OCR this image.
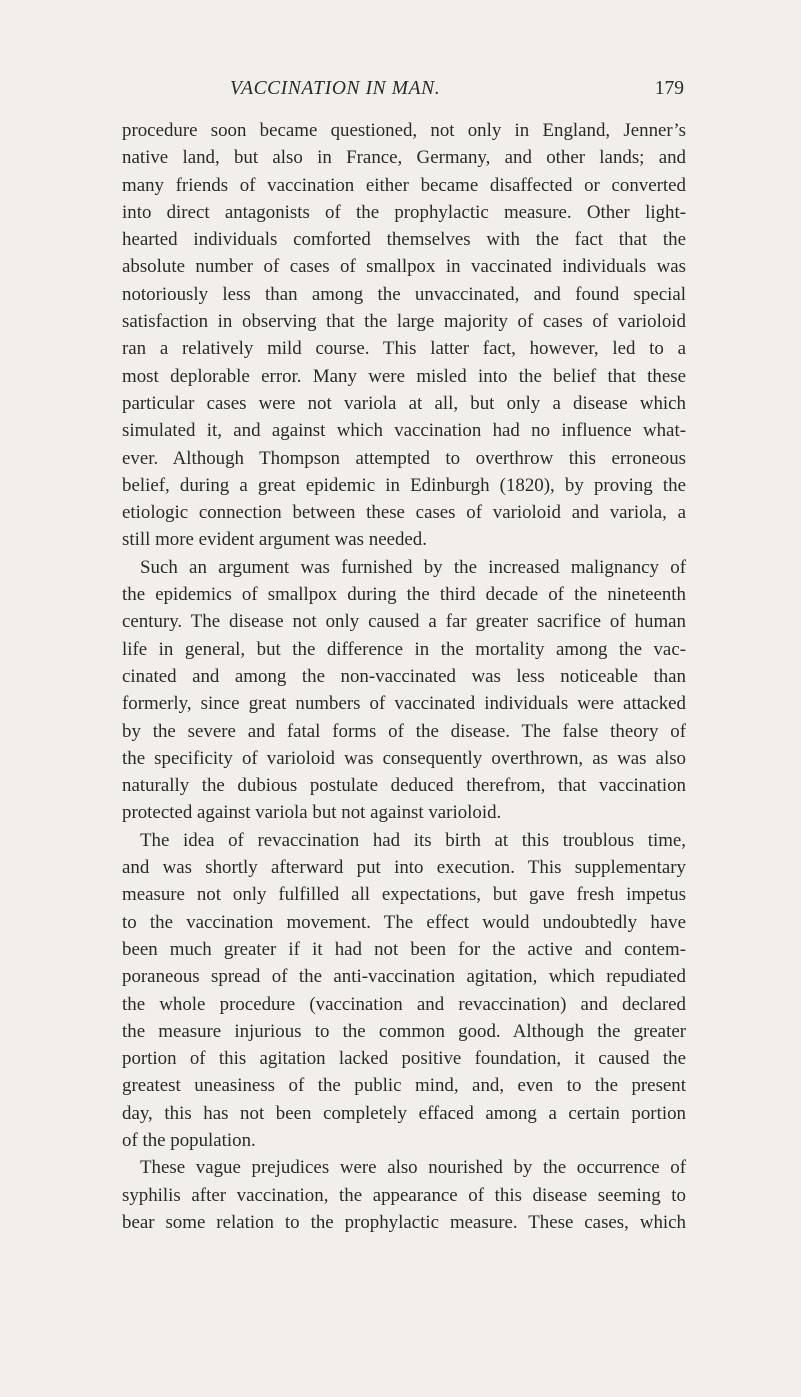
VACCINATION IN MAN.	179
procedure soon became questioned, not only in England, Jenner’s
native land, but also in France, Germany, and other lands; and
many friends of vaccination either became disaffected or converted
into direct antagonists of the prophylactic measure. Other light-
hearted individuals comforted themselves with the fact that the
absolute number of cases of smallpox in vaccinated individuals was
notoriously less than among the unvaccinated, and found special
satisfaction in observing that the large majority of cases of varioloid
ran a relatively mild course. This latter fact, however, led to a
most deplorable error. Many were misled into the belief that these
particular cases were not variola at all, but only a disease which
simulated it, and against which vaccination had no influence what-
ever. Although Thompson attempted to overthrow this erroneous
belief, during a great epidemic in Edinburgh (1820), by proving the
etiologic connection between these cases of varioloid and variola, a
still more evident argument was needed.
Such an argument was furnished by the increased malignancy of
the epidemics of smallpox during the third decade of the nineteenth
century. The disease not only caused a far greater sacrifice of human
life in general, but the difference in the mortality among the vac-
cinated and among the non-vaccinated was less noticeable than
formerly, since great numbers of vaccinated individuals were attacked
by the severe and fatal forms of the disease. The false theory of
the specificity of varioloid was consequently overthrown, as was also
naturally the dubious postulate deduced therefrom, that vaccination
protected against variola but not against varioloid.
The idea of revaccination had its birth at this troublous time,
and was shortly afterward put into execution. This supplementary
measure not only fulfilled all expectations, but gave fresh impetus
to the vaccination movement. The effect would undoubtedly have
been much greater if it had not been for the active and contem-
poraneous spread of the anti-vaccination agitation, which repudiated
the whole procedure (vaccination and revaccination) and declared
the measure injurious to the common good. Although the greater
portion of this agitation lacked positive foundation, it caused the
greatest uneasiness of the public mind, and, even to the present
day, this has not been completely effaced among a certain portion
of the population.
These vague prejudices were also nourished by the occurrence of
syphilis after vaccination, the appearance of this disease seeming to
bear some relation to the prophylactic measure. These cases, which
